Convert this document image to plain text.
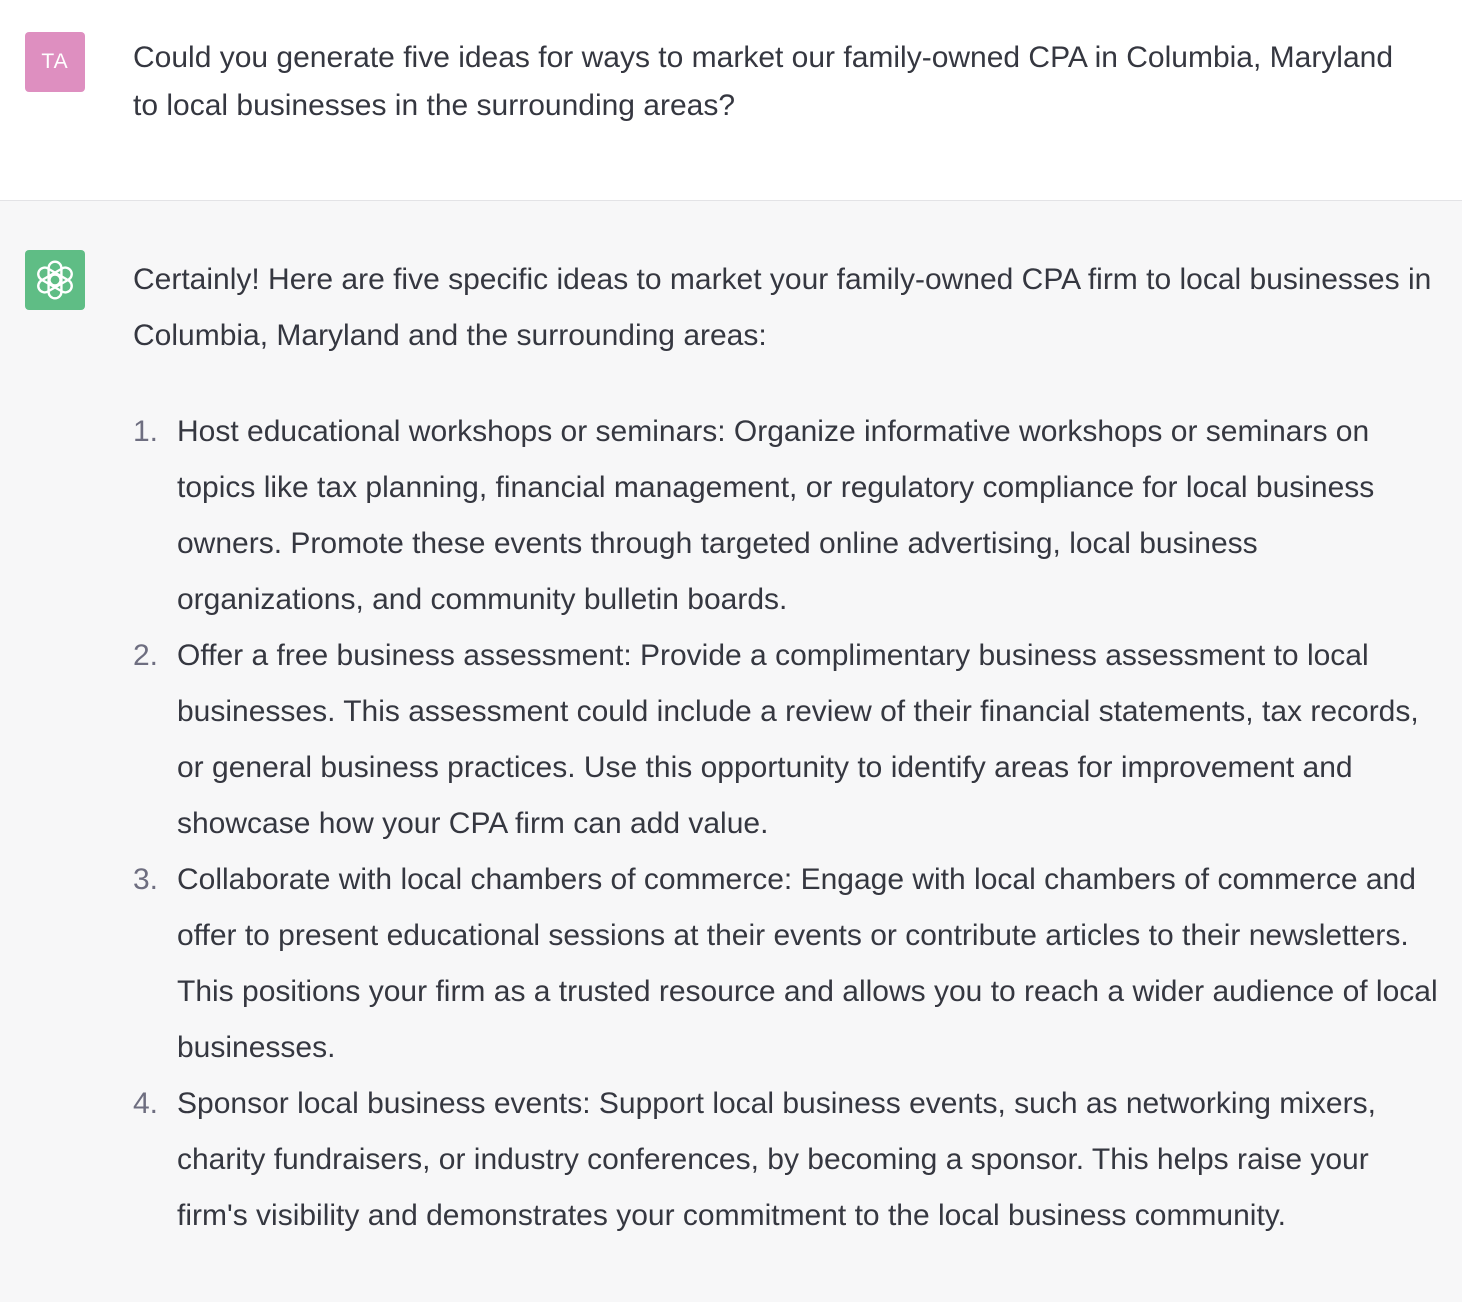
TA Could you generate five ideas for ways to market our family-owned CPA in Columbia, Maryland to local businesses in the surrounding areas?

Certainly! Here are five specific ideas to market your family-owned CPA firm to local businesses in Columbia, Maryland and the surrounding areas:

1. Host educational workshops or seminars: Organize informative workshops or seminars on topics like tax planning, financial management, or regulatory compliance for local business owners. Promote these events through targeted online advertising, local business organizations, and community bulletin boards.
2. Offer a free business assessment: Provide a complimentary business assessment to local businesses. This assessment could include a review of their financial statements, tax records, or general business practices. Use this opportunity to identify areas for improvement and showcase how your CPA firm can add value.
3. Collaborate with local chambers of commerce: Engage with local chambers of commerce and offer to present educational sessions at their events or contribute articles to their newsletters. This positions your firm as a trusted resource and allows you to reach a wider audience of local businesses.
4. Sponsor local business events: Support local business events, such as networking mixers, charity fundraisers, or industry conferences, by becoming a sponsor. This helps raise your firm's visibility and demonstrates your commitment to the local business community.
